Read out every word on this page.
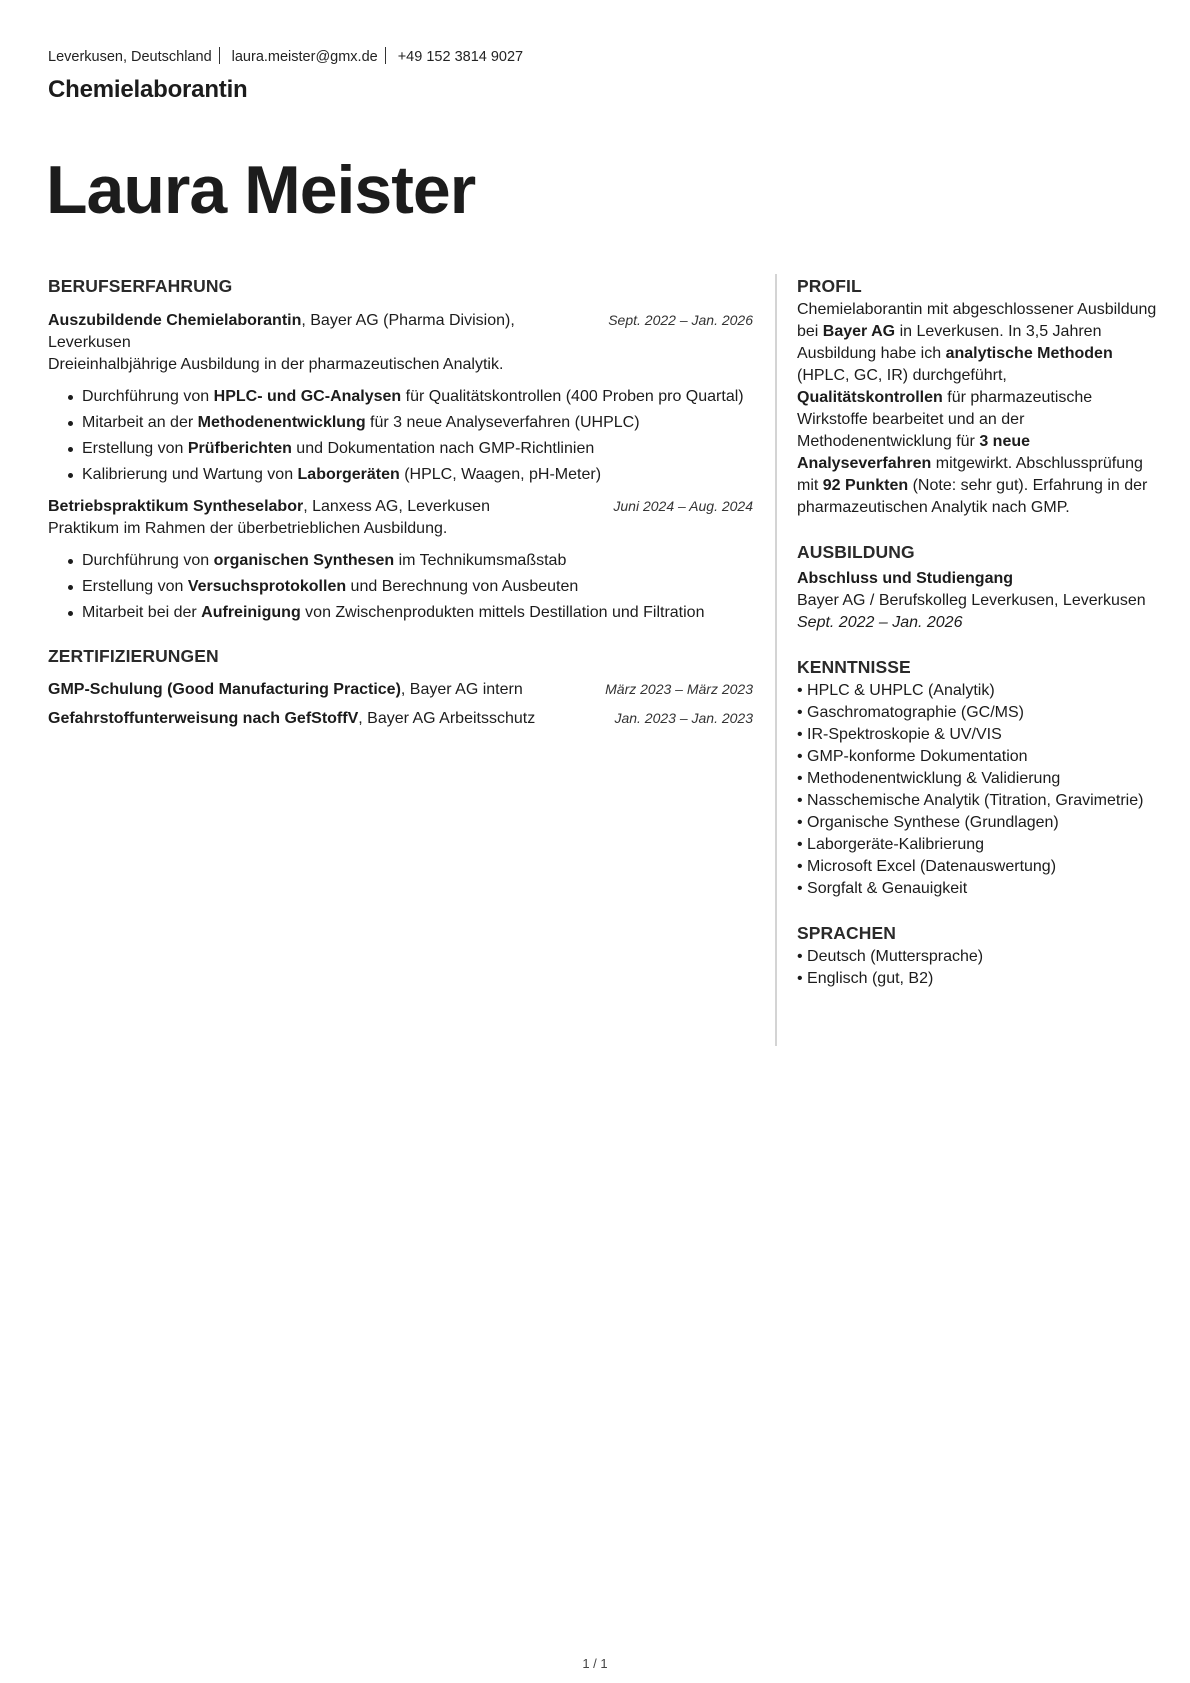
Leverkusen, Deutschland laura.meister@gmx.de +49 152 3814 9027
Chemielaborantin
Laura Meister
BERUFSERFAHRUNG
Auszubildende Chemielaborantin, Bayer AG (Pharma Division), Leverkusen
Sept. 2022 – Jan. 2026
Dreieinhalbjährige Ausbildung in der pharmazeutischen Analytik.
Durchführung von HPLC- und GC-Analysen für Qualitätskontrollen (400 Proben pro Quartal)
Mitarbeit an der Methodenentwicklung für 3 neue Analyseverfahren (UHPLC)
Erstellung von Prüfberichten und Dokumentation nach GMP-Richtlinien
Kalibrierung und Wartung von Laborgeräten (HPLC, Waagen, pH-Meter)
Betriebspraktikum Syntheselabor, Lanxess AG, Leverkusen	Juni 2024 – Aug. 2024
Praktikum im Rahmen der überbetrieblichen Ausbildung.
Durchführung von organischen Synthesen im Technikumsmaßstab
Erstellung von Versuchsprotokollen und Berechnung von Ausbeuten
Mitarbeit bei der Aufreinigung von Zwischenprodukten mittels Destillation und Filtration
ZERTIFIZIERUNGEN
GMP-Schulung (Good Manufacturing Practice), Bayer AG intern	März 2023 – März 2023
Gefahrstoffunterweisung nach GefStoffV, Bayer AG Arbeitsschutz	Jan. 2023 – Jan. 2023
PROFIL
Chemielaborantin mit abgeschlossener Ausbildung bei Bayer AG in Leverkusen. In 3,5 Jahren Ausbildung habe ich analytische Methoden (HPLC, GC, IR) durchgeführt, Qualitätskontrollen für pharmazeutische Wirkstoffe bearbeitet und an der Methodenentwicklung für 3 neue Analyseverfahren mitgewirkt. Abschlussprüfung mit 92 Punkten (Note: sehr gut). Erfahrung in der pharmazeutischen Analytik nach GMP.
AUSBILDUNG
Abschluss und Studiengang
Bayer AG / Berufskolleg Leverkusen, Leverkusen
Sept. 2022 – Jan. 2026
KENNTNISSE
• HPLC & UHPLC (Analytik)
• Gaschromatographie (GC/MS)
• IR-Spektroskopie & UV/VIS
• GMP-konforme Dokumentation
• Methodenentwicklung & Validierung
• Nasschemische Analytik (Titration, Gravimetrie)
• Organische Synthese (Grundlagen)
• Laborgeräte-Kalibrierung
• Microsoft Excel (Datenauswertung)
• Sorgfalt & Genauigkeit
SPRACHEN
• Deutsch (Muttersprache)
• Englisch (gut, B2)
1 / 1
